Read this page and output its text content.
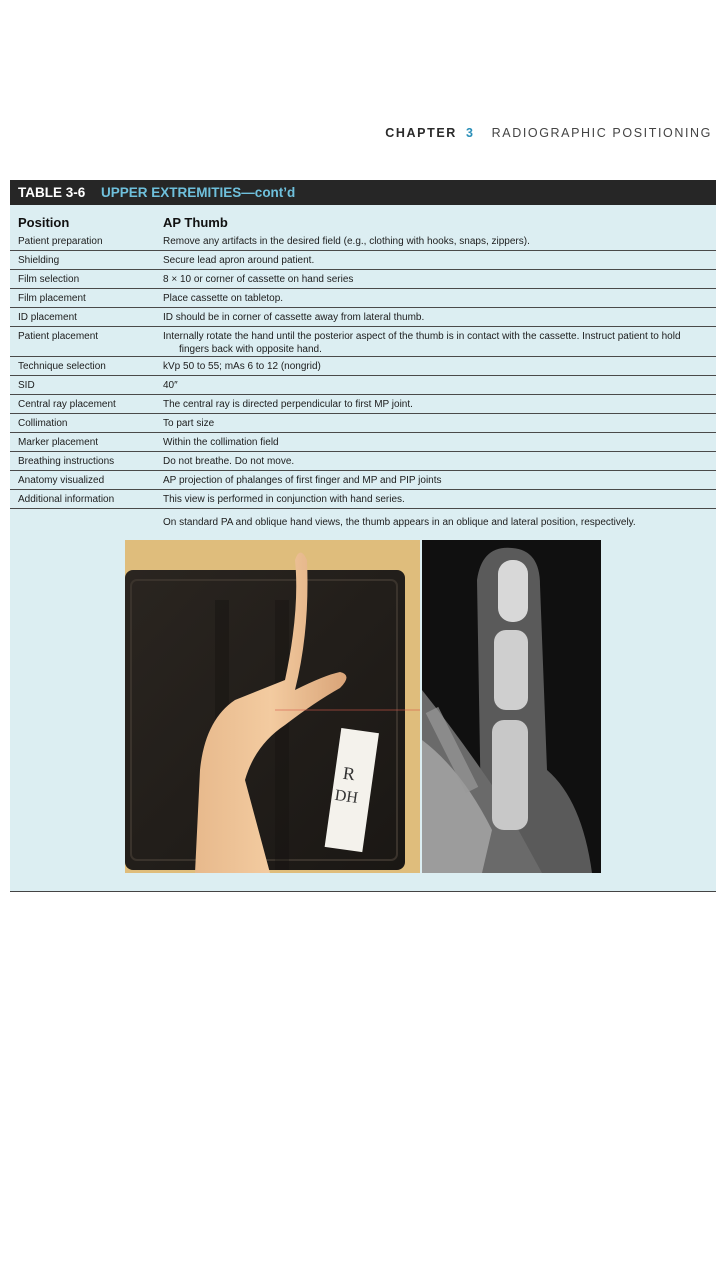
CHAPTER 3 RADIOGRAPHIC POSITIONING
TABLE 3-6 UPPER EXTREMITIES—cont’d
Position	AP Thumb
Patient preparation	Remove any artifacts in the desired field (e.g., clothing with hooks, snaps, zippers).
Shielding	Secure lead apron around patient.
Film selection	8 × 10 or corner of cassette on hand series
Film placement	Place cassette on tabletop.
ID placement	ID should be in corner of cassette away from lateral thumb.
Patient placement	Internally rotate the hand until the posterior aspect of the thumb is in contact with the cassette. Instruct patient to hold
fingers back with opposite hand.
Technique selection	kVp 50 to 55; mAs 6 to 12 (nongrid)
SID	40″
Central ray placement	The central ray is directed perpendicular to first MP joint.
Collimation	To part size
Marker placement	Within the collimation field
Breathing instructions	Do not breathe. Do not move.
Anatomy visualized	AP projection of phalanges of first finger and MP and PIP joints
Additional information	This view is performed in conjunction with hand series.
On standard PA and oblique hand views, the thumb appears in an oblique and lateral position, respectively.
R
DH
